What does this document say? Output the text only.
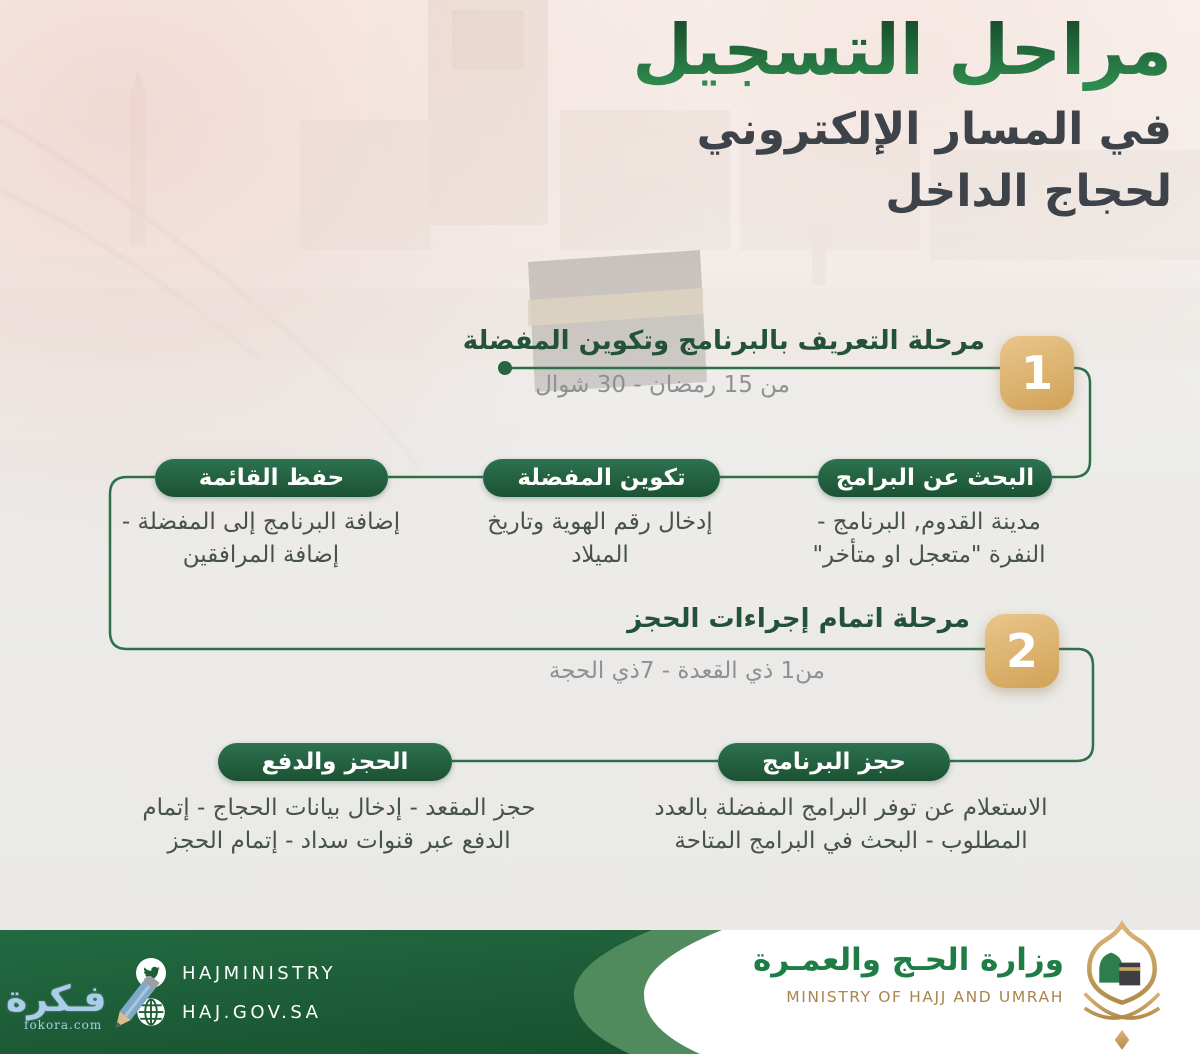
مراحل التسجيل
في المسار الإلكتروني
لحجاج الداخل
1
مرحلة التعريف بالبرنامج وتكوين المفضلة
من 15 رمضان - 30 شوال
البحث عن البرامج
تكوين المفضلة
حفظ القائمة
مدينة القدوم, البرنامج - النفرة "متعجل او متأخر"
إدخال رقم الهوية وتاريخ الميلاد
إضافة البرنامج إلى المفضلة - إضافة المرافقين
2
مرحلة اتمام إجراءات الحجز
من1 ذي القعدة - 7ذي الحجة
حجز البرنامج
الحجز والدفع
الاستعلام عن توفر البرامج المفضلة بالعدد المطلوب - البحث في البرامج المتاحة
حجز المقعد - إدخال بيانات الحجاج - إتمام الدفع عبر قنوات سداد - إتمام الحجز
HAJMINISTRY
HAJ.GOV.SA
وزارة الحـج والعمـرة
MINISTRY OF HAJJ AND UMRAH
فـكرة
fokora.com
